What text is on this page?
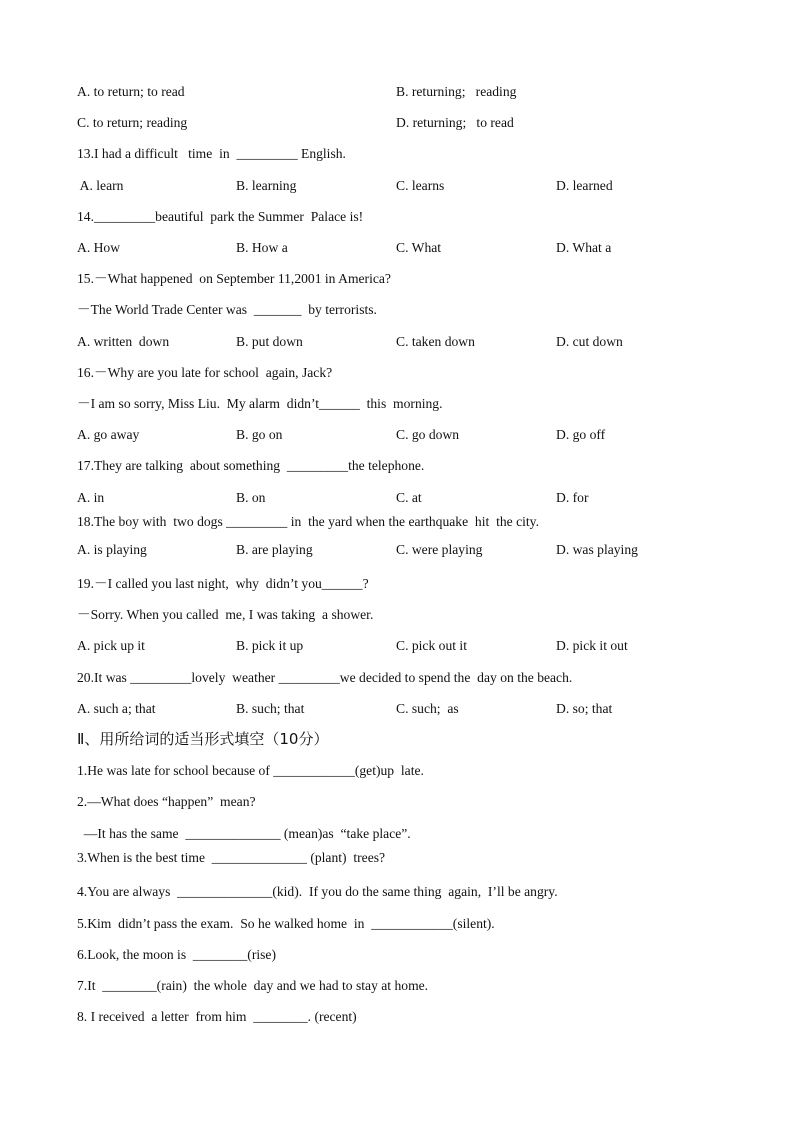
A. to return; to read	B. returning;   reading
C. to return; reading	D. returning;   to read
13.I had a difficult   time  in  _________ English.
A. learn	B. learning	C. learns	D. learned
14._________beautiful  park the Summer  Palace is!
A. How	B. How a	C. What	D. What a
15.－What happened  on September 11,2001 in America?
－The World Trade Center was  _______  by terrorists.
A. written  down	B. put down	C. taken down	D. cut down
16.－Why are you late for school  again, Jack?
－I am so sorry, Miss Liu.  My alarm  didn’t______  this  morning.
A. go away	B. go on	C. go down	D. go off
17.They are talking  about something  _________the telephone.
A. in	B. on	C. at	D. for
18.The boy with  two dogs _________ in  the yard when the earthquake  hit  the city.
A. is playing	B. are playing	C. were playing	D. was playing
19.－I called you last night,  why  didn’t you______?
－Sorry. When you called  me, I was taking  a shower.
A. pick up it	B. pick it up	C. pick out it	D. pick it out
20.It was _________lovely  weather _________we decided to spend the  day on the beach.
A. such a; that	B. such; that	C. such;  as	D. so; that
Ⅱ、用所给词的适当形式填空（10分）
1.He was late for school because of ____________(get)up  late.
2.—What does “happen”  mean?
—It has the same  ______________ (mean)as  “take place”.
3.When is the best time  ______________ (plant)  trees?
4.You are always  ______________(kid).  If you do the same thing  again,  I’ll be angry.
5.Kim  didn’t pass the exam.  So he walked home  in  ____________(silent).
6.Look, the moon is  ________(rise)
7.It  ________(rain)  the whole  day and we had to stay at home.
8. I received  a letter  from him  ________. (recent)
